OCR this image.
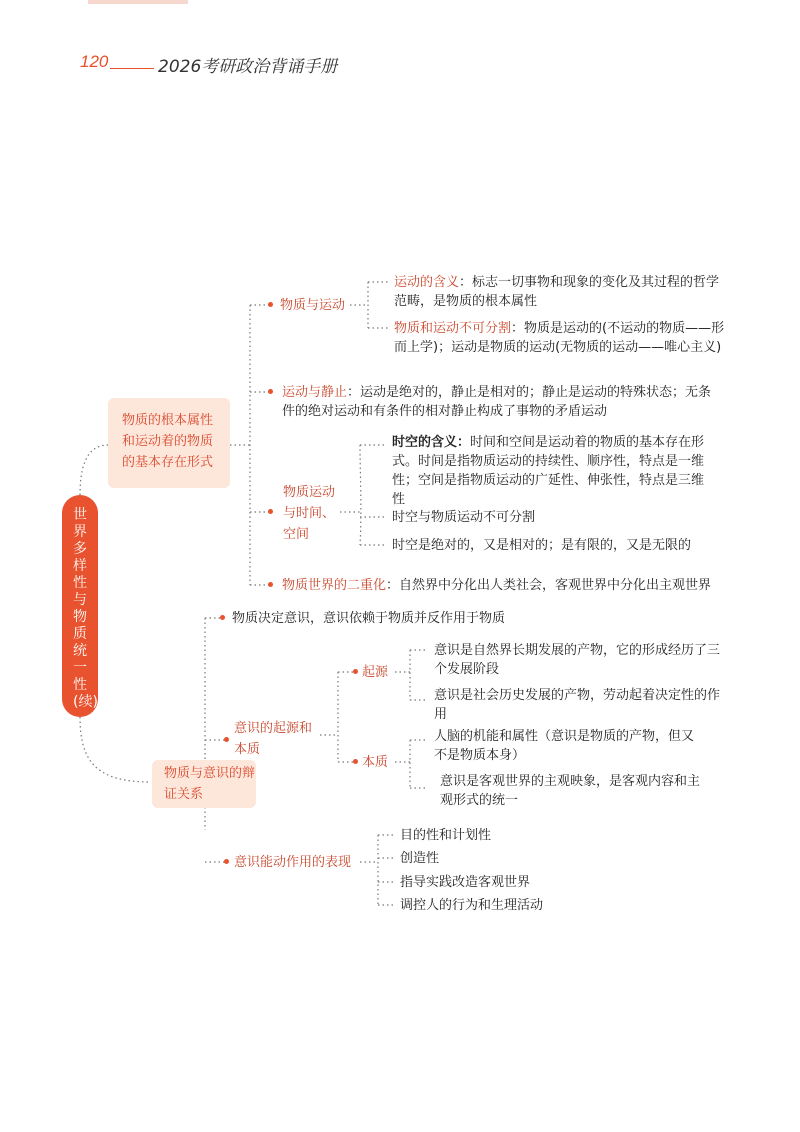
120	2026考研政治背诵手册
世界多样性与物质统一性(续)
物质的根本属性和运动着的物质的基本存在形式
物质与运动
运动的含义：标志一切事物和现象的变化及其过程的哲学范畴，是物质的根本属性
物质和运动不可分割：物质是运动的(不运动的物质——形而上学)；运动是物质的运动(无物质的运动——唯心主义)
运动与静止：运动是绝对的，静止是相对的；静止是运动的特殊状态；无条件的绝对运动和有条件的相对静止构成了事物的矛盾运动
物质运动与时间、空间
时空的含义：时间和空间是运动着的物质的基本存在形式。时间是指物质运动的持续性、顺序性，特点是一维性；空间是指物质运动的广延性、伸张性，特点是三维性
时空与物质运动不可分割
时空是绝对的，又是相对的；是有限的，又是无限的
物质世界的二重化：自然界中分化出人类社会，客观世界中分化出主观世界
物质与意识的辩证关系
物质决定意识，意识依赖于物质并反作用于物质
意识的起源和本质
起源
意识是自然界长期发展的产物，它的形成经历了三个发展阶段
意识是社会历史发展的产物，劳动起着决定性的作用
本质
人脑的机能和属性（意识是物质的产物，但又不是物质本身）
意识是客观世界的主观映象，是客观内容和主观形式的统一
意识能动作用的表现
目的性和计划性
创造性
指导实践改造客观世界
调控人的行为和生理活动
